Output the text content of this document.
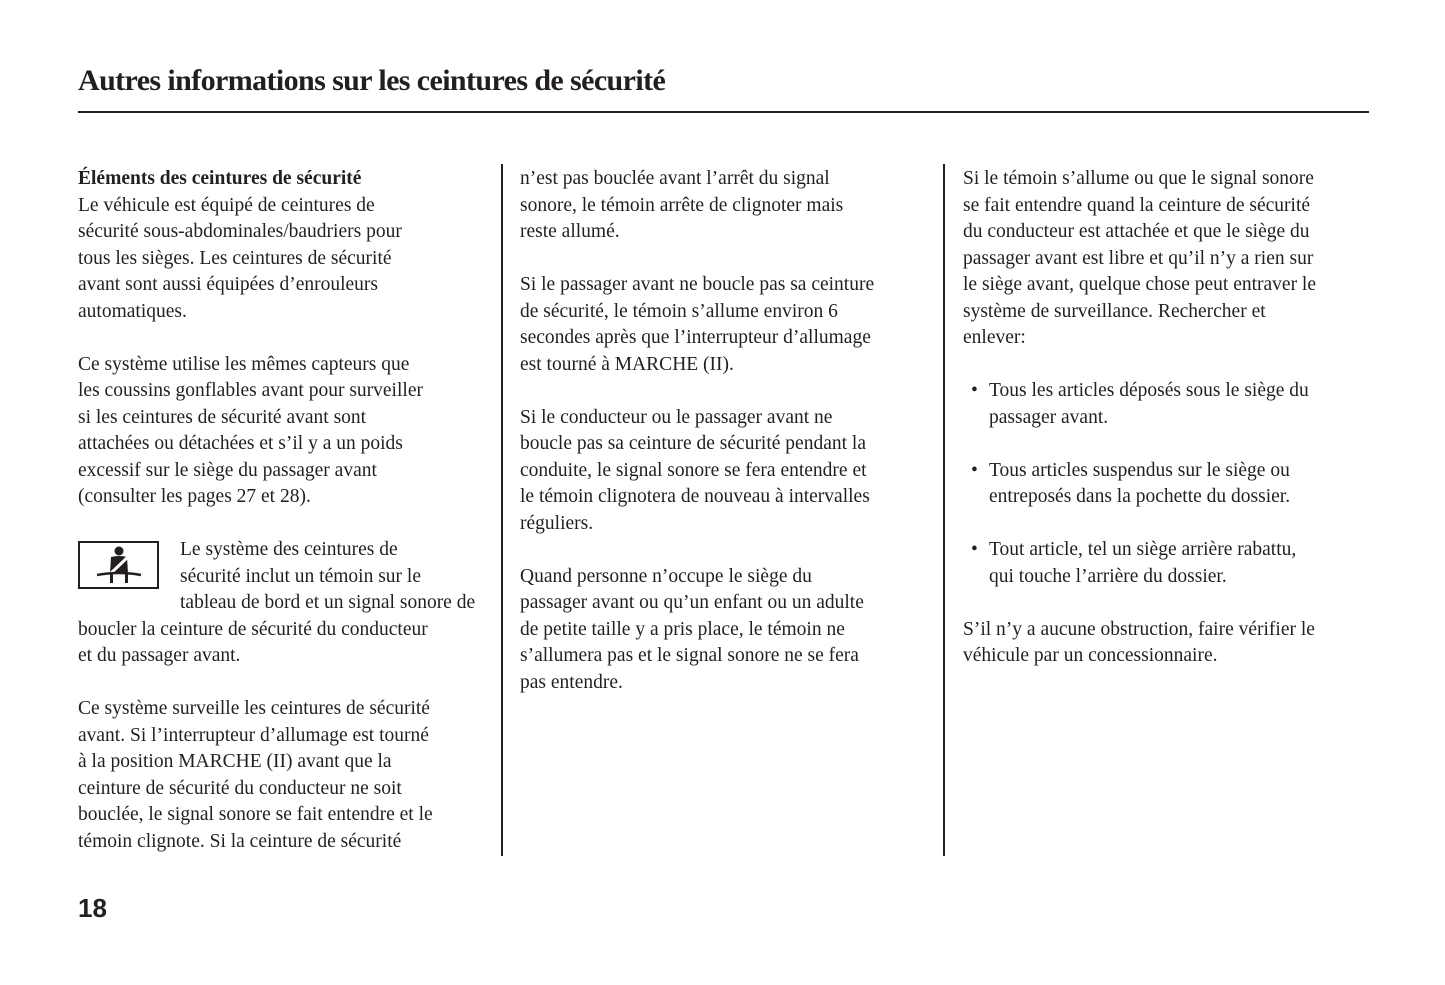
Autres informations sur les ceintures de sécurité
Éléments des ceintures de sécurité

Le véhicule est équipé de ceintures de
sécurité sous-abdominales/baudriers pour
tous les sièges. Les ceintures de sécurité
avant sont aussi équipées d’enrouleurs
automatiques.

Ce système utilise les mêmes capteurs que
les coussins gonflables avant pour surveiller
si les ceintures de sécurité avant sont
attachées ou détachées et s’il y a un poids
excessif sur le siège du passager avant
(consulter les pages 27 et 28).

Le système des ceintures de
sécurité inclut un témoin sur le
tableau de bord et un signal sonore de
boucler la ceinture de sécurité du conducteur
et du passager avant.

Ce système surveille les ceintures de sécurité
avant. Si l’interrupteur d’allumage est tourné
à la position MARCHE (II) avant que la
ceinture de sécurité du conducteur ne soit
bouclée, le signal sonore se fait entendre et le
témoin clignote. Si la ceinture de sécurité

n’est pas bouclée avant l’arrêt du signal
sonore, le témoin arrête de clignoter mais
reste allumé.

Si le passager avant ne boucle pas sa ceinture
de sécurité, le témoin s’allume environ 6
secondes après que l’interrupteur d’allumage
est tourné à MARCHE (II).

Si le conducteur ou le passager avant ne
boucle pas sa ceinture de sécurité pendant la
conduite, le signal sonore se fera entendre et
le témoin clignotera de nouveau à intervalles
réguliers.

Quand personne n’occupe le siège du
passager avant ou qu’un enfant ou un adulte
de petite taille y a pris place, le témoin ne
s’allumera pas et le signal sonore ne se fera
pas entendre.

Si le témoin s’allume ou que le signal sonore
se fait entendre quand la ceinture de sécurité
du conducteur est attachée et que le siège du
passager avant est libre et qu’il n’y a rien sur
le siège avant, quelque chose peut entraver le
système de surveillance. Rechercher et
enlever:

• Tous les articles déposés sous le siège du
passager avant.
• Tous articles suspendus sur le siège ou
entreposés dans la pochette du dossier.
• Tout article, tel un siège arrière rabattu,
qui touche l’arrière du dossier.

S’il n’y a aucune obstruction, faire vérifier le
véhicule par un concessionnaire.

18
